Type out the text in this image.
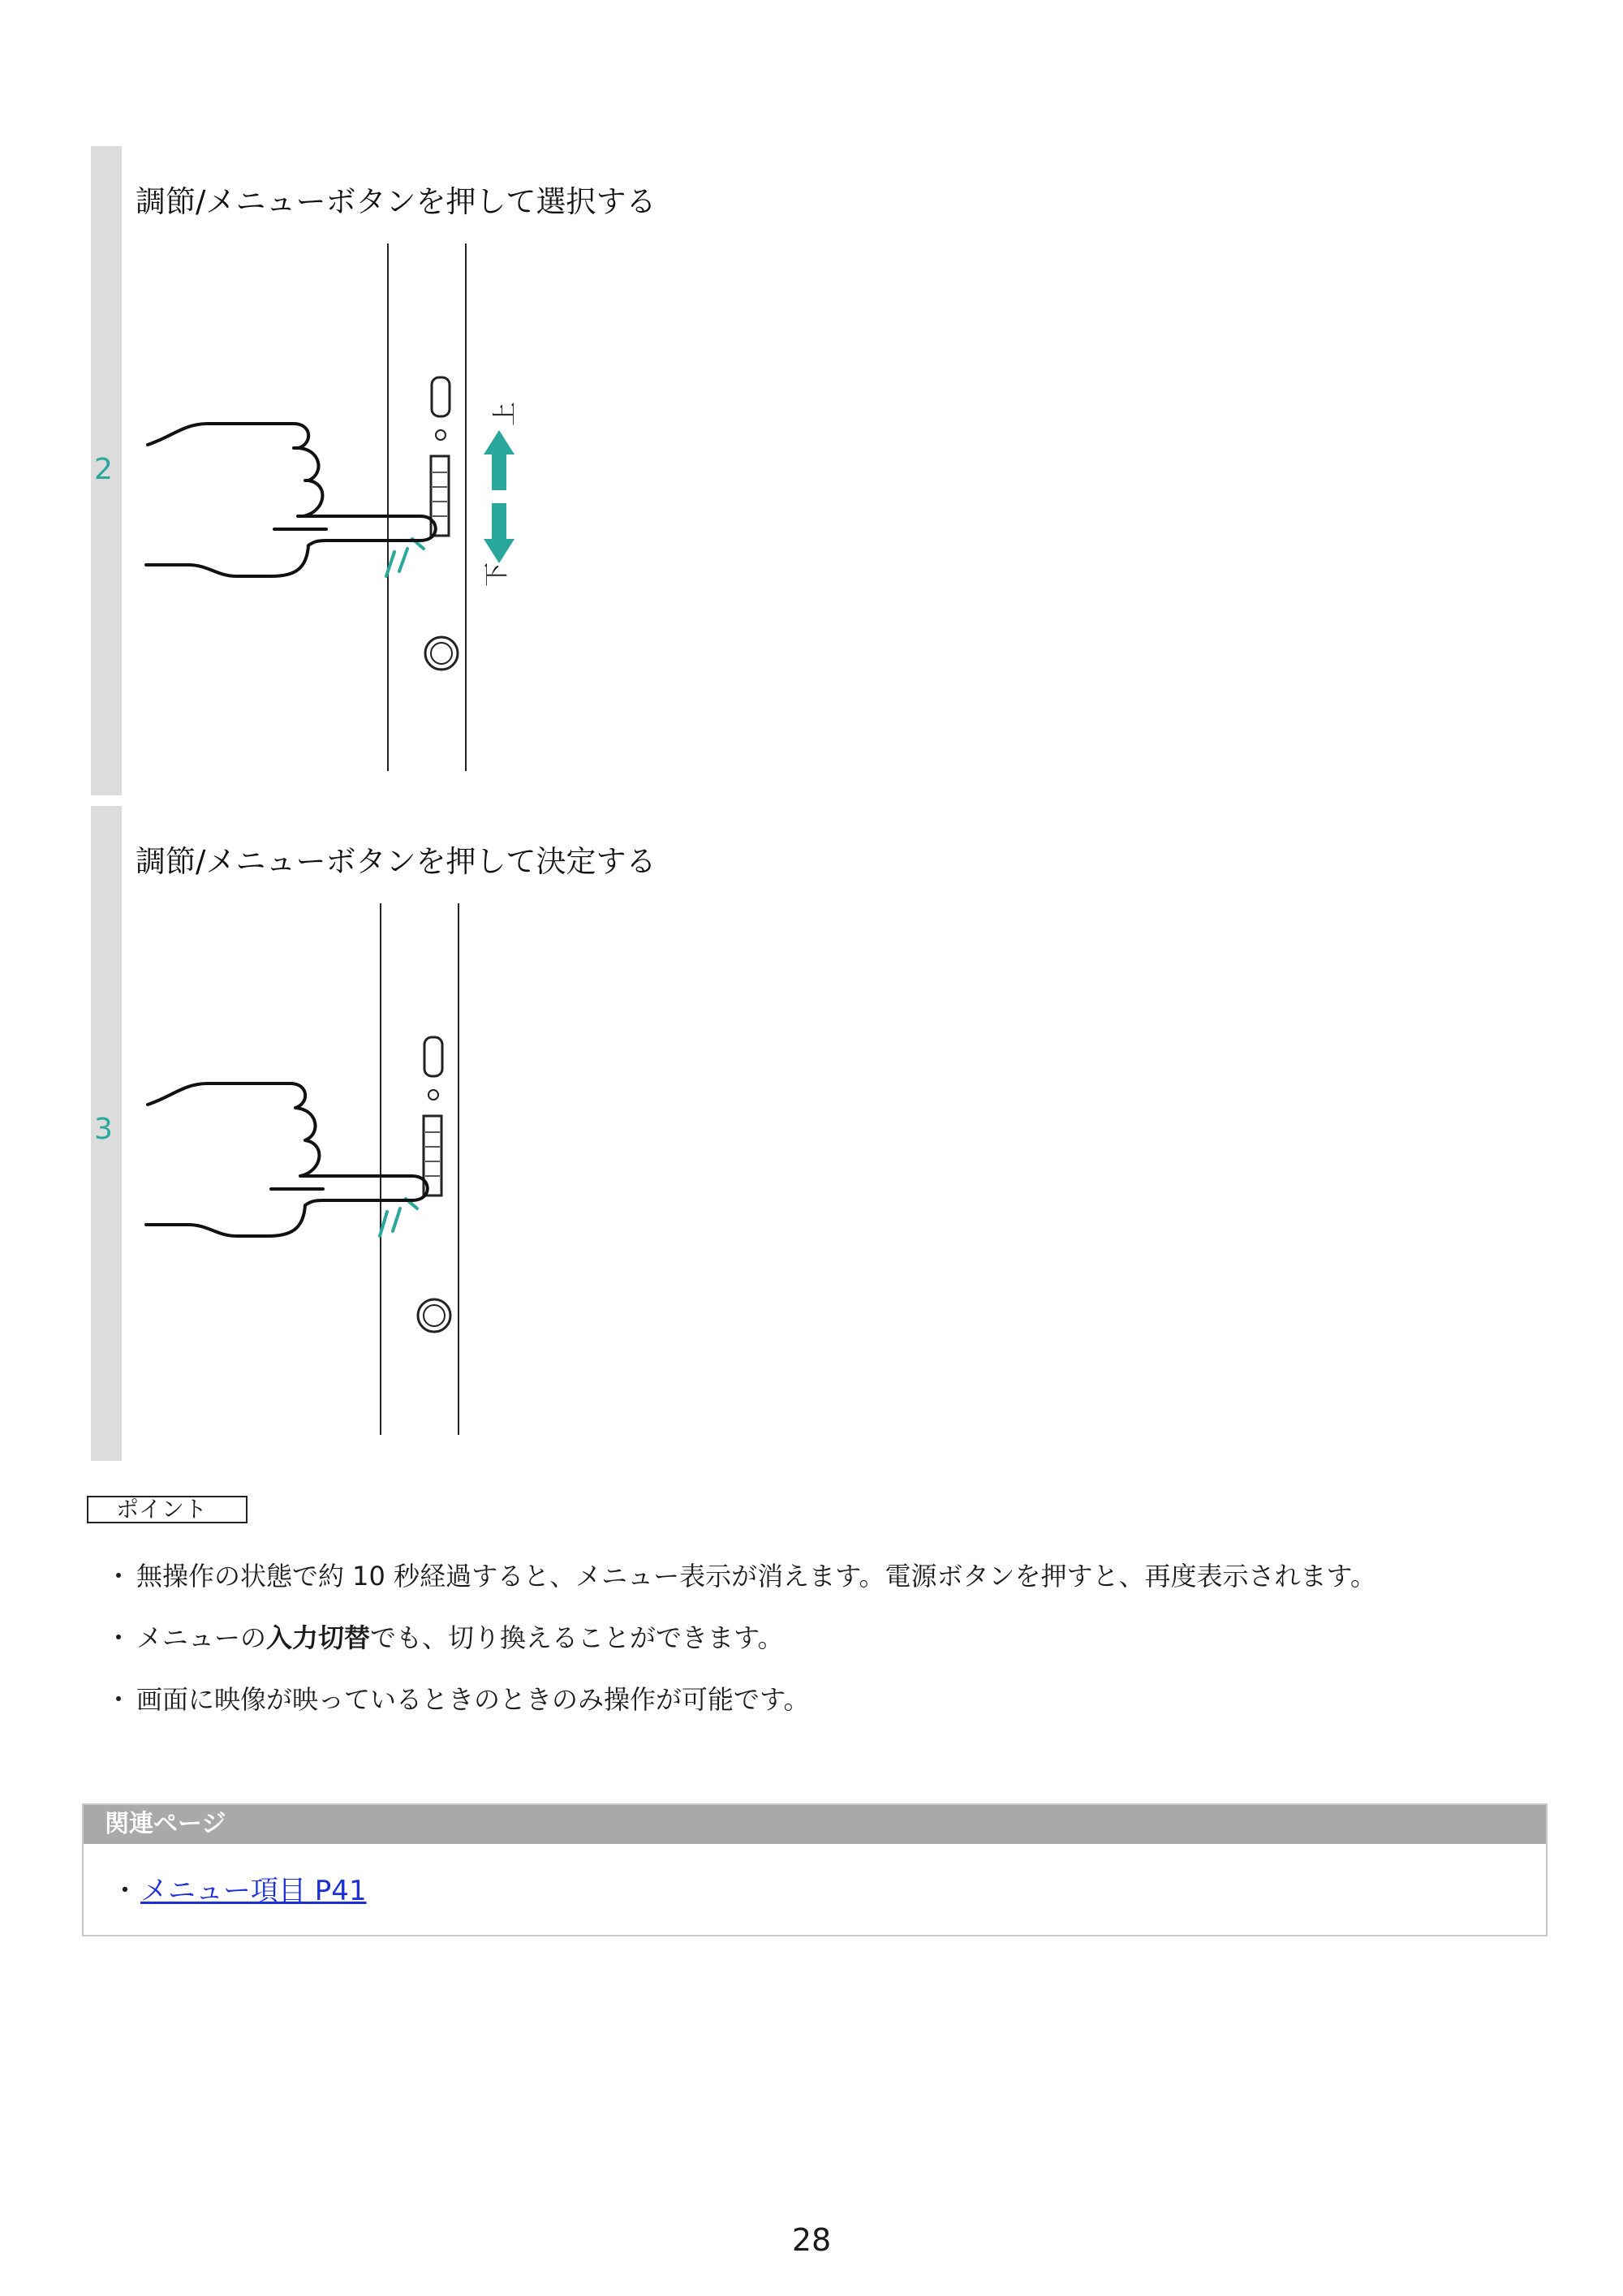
2
調節/メニューボタンを押して選択する
上
下
3
調節/メニューボタンを押して決定する
ポイント
・ 無操作の状態で約 10 秒経過すると、メニュー表示が消えます。電源ボタンを押すと、再度表示されます。
・ メニューの入力切替でも、切り換えることができます。
・ 画面に映像が映っているときのときのみ操作が可能です。
関連ページ
・ メニュー項目 P41
28
